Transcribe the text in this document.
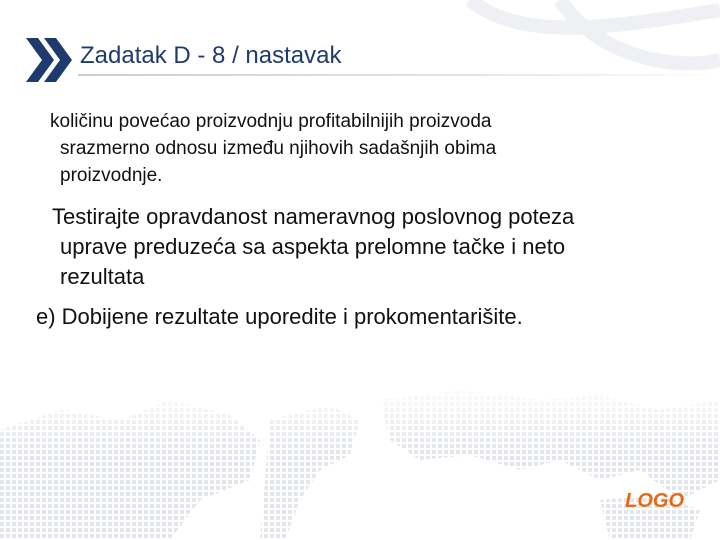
Zadatak D - 8 / nastavak
količinu povećao proizvodnju profitabilnijih proizvoda
srazmerno odnosu između njihovih sadašnjih obima
proizvodnje.
Testirajte opravdanost nameravnog poslovnog poteza
uprave preduzeća sa aspekta prelomne tačke i neto
rezultata
e) Dobijene rezultate uporedite i prokomentarišite.
LOGO
